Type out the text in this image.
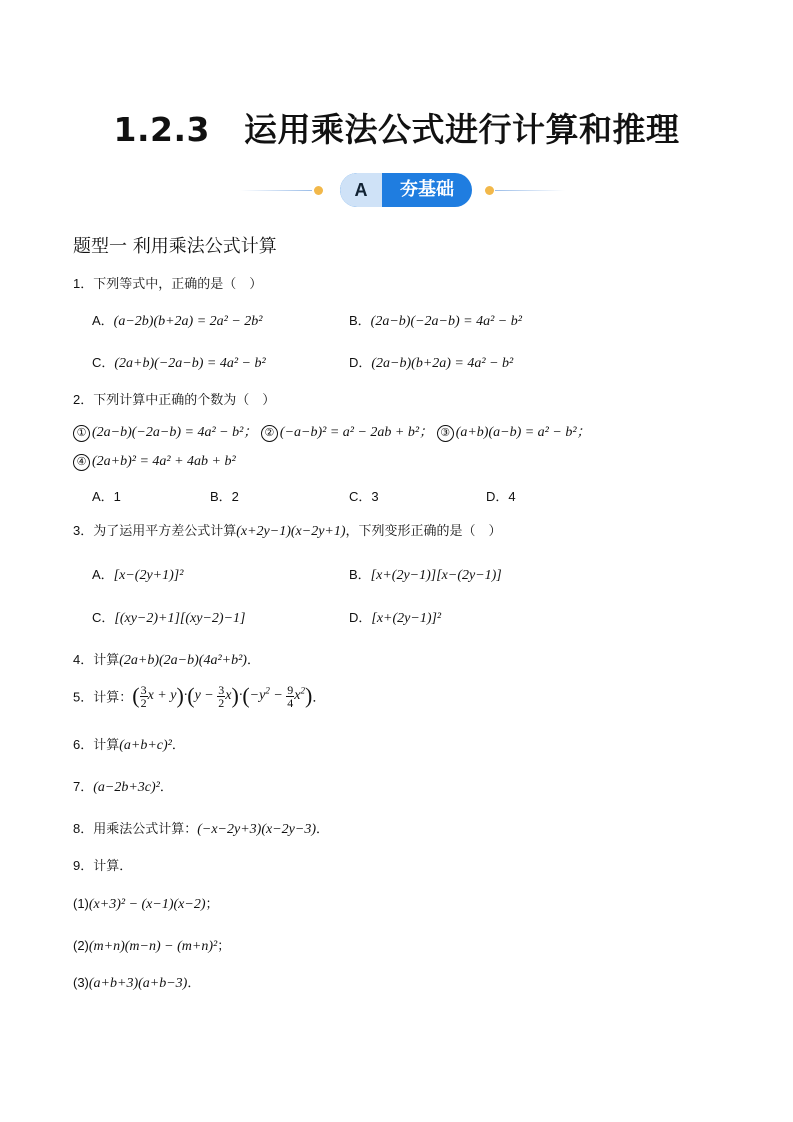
1.2.3 运用乘法公式进行计算和推理
A	夯基础
题型一 利用乘法公式计算
1．下列等式中，正确的是（　）
A．(a−2b)(b+2a) = 2a² − 2b²	B．(2a−b)(−2a−b) = 4a² − b²
C．(2a+b)(−2a−b) = 4a² − b²	D．(2a−b)(b+2a) = 4a² − b²
2．下列计算中正确的个数为（　）
① (2a−b)(−2a−b) = 4a² − b²； ② (−a−b)² = a² − 2ab + b²； ③ (a+b)(a−b) = a² − b²；
④ (2a+b)² = 4a² + 4ab + b²
A．1	B．2	C．3	D．4
3．为了运用平方差公式计算(x+2y−1)(x−2y+1)，下列变形正确的是（　）
A．[x−(2y+1)]²	B．[x+(2y−1)][x−(2y−1)]
C．[(xy−2)+1][(xy−2)−1]	D．[x+(2y−1)]²
4．计算(2a+b)(2a−b)(4a²+b²)．
5．计算：( $\frac{3}{2}$ $x + y)\cdot(y - \frac{3}{2} x)\cdot(-y^2 - \frac{9}{4} x^2)$．
6．计算(a+b+c)²．
7．(a−2b+3c)²．
8．用乘法公式计算：(−x−2y+3)(x−2y−3)．
9．计算．
(1)(x+3)² − (x−1)(x−2)；
(2)(m+n)(m−n) − (m+n)²；
(3)(a+b+3)(a+b−3)．
